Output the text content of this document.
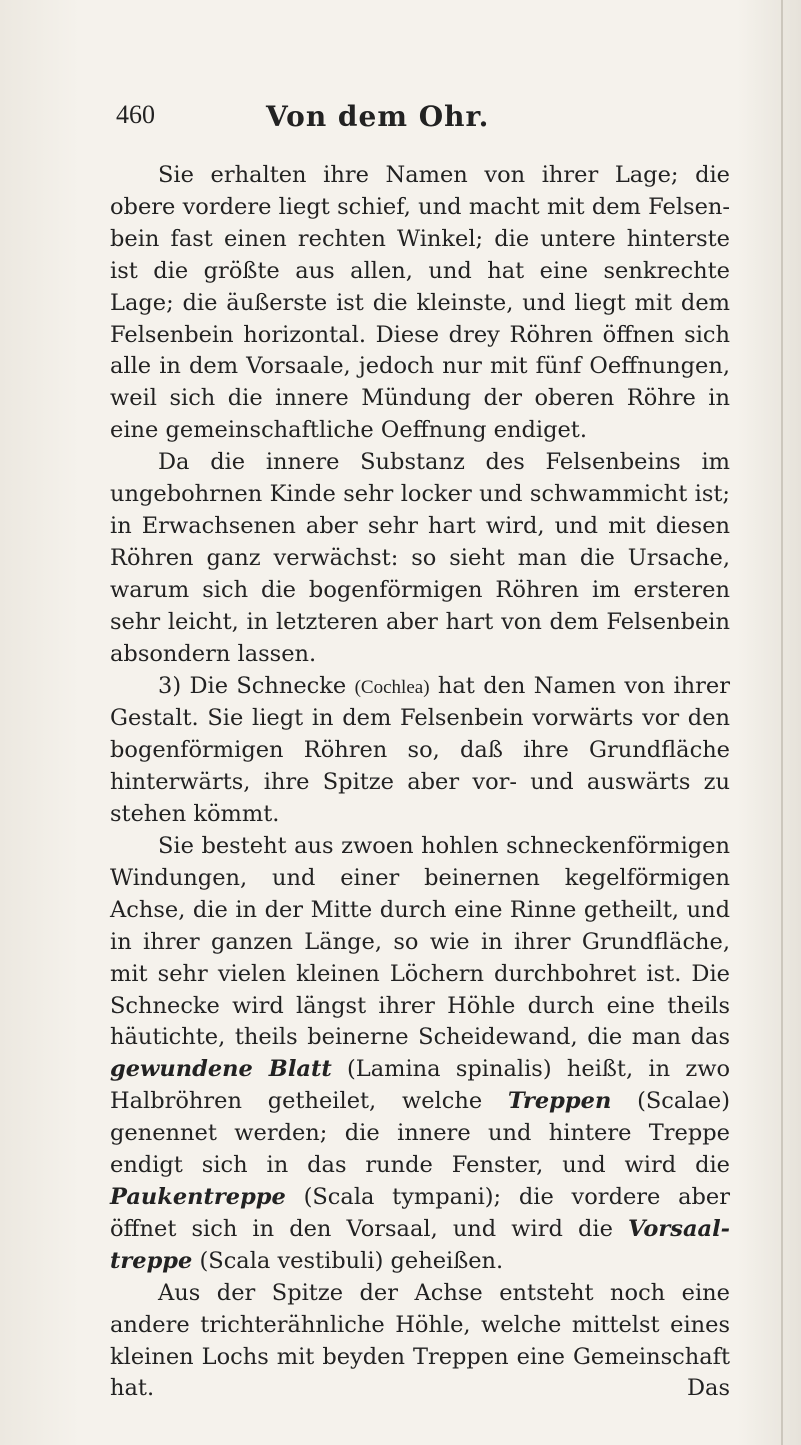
460	Von dem Ohr.

Sie erhalten ihre Namen von ihrer Lage; die obere vordere liegt schief, und macht mit dem Felsen-bein fast einen rechten Winkel; die untere hinterste ist die größte aus allen, und hat eine senkrechte Lage; die äußerste ist die kleinste, und liegt mit dem Felsenbein horizontal. Diese drey Röhren öffnen sich alle in dem Vorsaale, jedoch nur mit fünf Oeffnungen, weil sich die innere Mündung der oberen Röhre in eine gemeinschaftliche Oeffnung endiget.

Da die innere Substanz des Felsenbeins im ungebohrnen Kinde sehr locker und schwammicht ist; in Erwachsenen aber sehr hart wird, und mit diesen Röhren ganz verwächst: so sieht man die Ursache, warum sich die bogenförmigen Röhren im ersteren sehr leicht, in letzteren aber hart von dem Felsenbein absondern lassen.

3) Die Schnecke (Cochlea) hat den Namen von ihrer Gestalt. Sie liegt in dem Felsenbein vorwärts vor den bogenförmigen Röhren so, daß ihre Grundfläche hinterwärts, ihre Spitze aber vor- und auswärts zu stehen kömmt.

Sie besteht aus zwoen hohlen schneckenförmigen Windungen, und einer beinernen kegelförmigen Achse, die in der Mitte durch eine Rinne getheilt, und in ihrer ganzen Länge, so wie in ihrer Grundfläche, mit sehr vielen kleinen Löchern durchbohret ist. Die Schnecke wird längst ihrer Höhle durch eine theils häutichte, theils beinerne Scheidewand, die man das gewundene Blatt (Lamina spinalis) heißt, in zwo Halbröhren getheilet, welche Treppen (Scalae) genennet werden; die innere und hintere Treppe endigt sich in das runde Fenster, und wird die Paukentreppe (Scala tympani); die vordere aber öffnet sich in den Vorsaal, und wird die Vorsaal-treppe (Scala vestibuli) geheißen.

Aus der Spitze der Achse entsteht noch eine andere trichterähnliche Höhle, welche mittelst eines kleinen Lochs mit beyden Treppen eine Gemeinschaft hat.	Das
